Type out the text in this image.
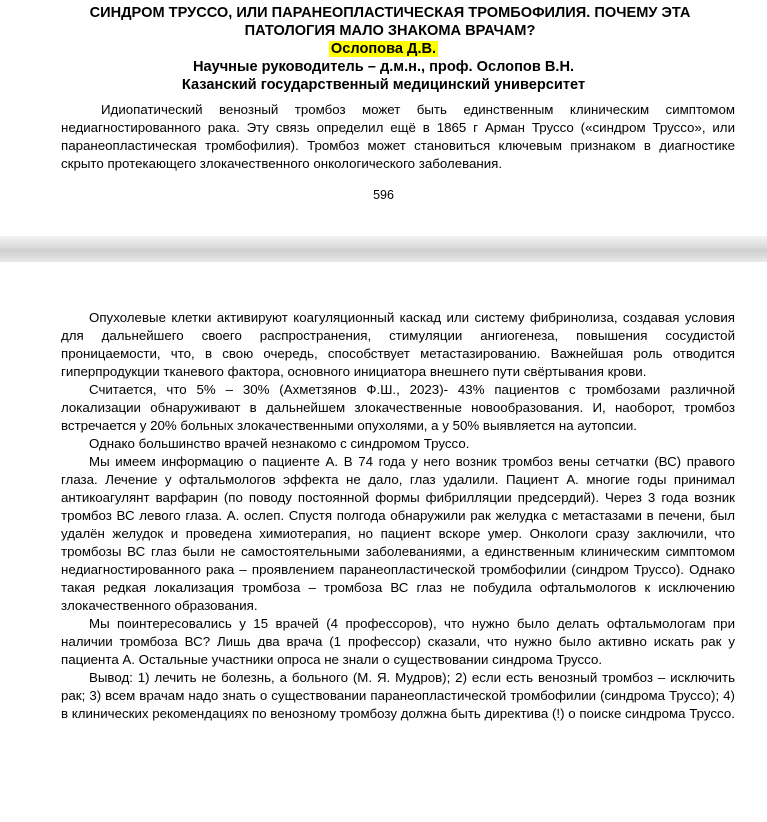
СИНДРОМ ТРУССО, ИЛИ ПАРАНЕОПЛАСТИЧЕСКАЯ ТРОМБОФИЛИЯ. ПОЧЕМУ ЭТА
ПАТОЛОГИЯ МАЛО ЗНАКОМА ВРАЧАМ?
Ослопова Д.В.
Научные руководитель – д.м.н., проф. Ослопов В.Н.
Казанский государственный медицинский университет

Идиопатический венозный тромбоз может быть единственным клиническим симптомом недиагностированного рака. Эту связь определил ещё в 1865 г Арман Труссо («синдром Труссо», или паранеопластическая тромбофилия). Тромбоз может становиться ключевым признаком в диагностике скрыто протекающего злокачественного онкологического заболевания.

596

Опухолевые клетки активируют коагуляционный каскад или систему фибринолиза, создавая условия для дальнейшего своего распространения, стимуляции ангиогенеза, повышения сосудистой проницаемости, что, в свою очередь, способствует метастазированию. Важнейшая роль отводится гиперпродукции тканевого фактора, основного инициатора внешнего пути свёртывания крови.

Считается, что 5% – 30% (Ахметзянов Ф.Ш., 2023)- 43% пациентов с тромбозами различной локализации обнаруживают в дальнейшем злокачественные новообразования. И, наоборот, тромбоз встречается у 20% больных злокачественными опухолями, а у 50% выявляется на аутопсии.

Однако большинство врачей незнакомо с синдромом Труссо.

Мы имеем информацию о пациенте А. В 74 года у него возник тромбоз вены сетчатки (ВС) правого глаза. Лечение у офтальмологов эффекта не дало, глаз удалили. Пациент А. многие годы принимал антикоагулянт варфарин (по поводу постоянной формы фибрилляции предсердий). Через 3 года возник тромбоз ВС левого глаза. А. ослеп. Спустя полгода обнаружили рак желудка с метастазами в печени, был удалён желудок и проведена химиотерапия, но пациент вскоре умер. Онкологи сразу заключили, что тромбозы ВС глаз были не самостоятельными заболеваниями, а единственным клиническим симптомом недиагностированного рака – проявлением паранеопластической тромбофилии (синдром Труссо). Однако такая редкая локализация тромбоза – тромбоза ВС глаз не побудила офтальмологов к исключению злокачественного образования.

Мы поинтересовались у 15 врачей (4 профессоров), что нужно было делать офтальмологам при наличии тромбоза ВС? Лишь два врача (1 профессор) сказали, что нужно было активно искать рак у пациента А. Остальные участники опроса не знали о существовании синдрома Труссо.

Вывод: 1) лечить не болезнь, а больного (М. Я. Мудров); 2) если есть венозный тромбоз – исключить рак; 3) всем врачам надо знать о существовании паранеопластической тромбофилии (синдрома Труссо); 4) в клинических рекомендациях по венозному тромбозу должна быть директива (!) о поиске синдрома Труссо.
